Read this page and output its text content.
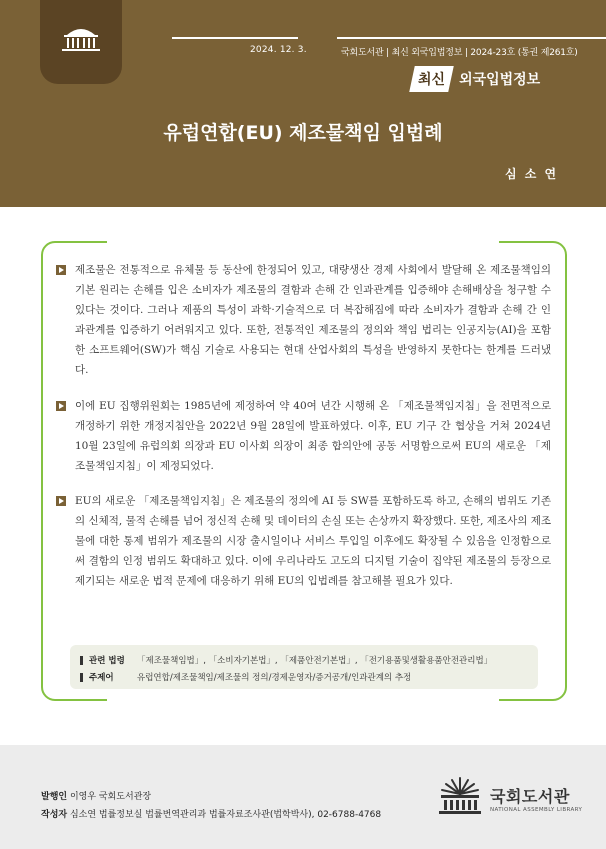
2024. 12. 3.	국회도서관 | 최신 외국입법정보 | 2024-23호 (통권 제261호)
최신	외국입법정보
유럽연합(EU) 제조물책임 입법례
심 소 연
제조물은 전통적으로 유체물 등 동산에 한정되어 있고, 대량생산 경제 사회에서 발달해 온 제조물책임의 기본 원리는 손해를 입은 소비자가 제조물의 결함과 손해 간 인과관계를 입증해야 손해배상을 청구할 수 있다는 것이다. 그러나 제품의 특성이 과학·기술적으로 더 복잡해짐에 따라 소비자가 결함과 손해 간 인과관계를 입증하기 어려워지고 있다. 또한, 전통적인 제조물의 정의와 책임 법리는 인공지능(AI)을 포함한 소프트웨어(SW)가 핵심 기술로 사용되는 현대 산업사회의 특성을 반영하지 못한다는 한계를 드러냈다.
이에 EU 집행위원회는 1985년에 제정하여 약 40여 년간 시행해 온 「제조물책임지침」을 전면적으로 개정하기 위한 개정지침안을 2022년 9월 28일에 발표하였다. 이후, EU 기구 간 협상을 거쳐 2024년 10월 23일에 유럽의회 의장과 EU 이사회 의장이 최종 합의안에 공동 서명함으로써 EU의 새로운 「제조물책임지침」이 제정되었다.
EU의 새로운 「제조물책임지침」은 제조물의 정의에 AI 등 SW를 포함하도록 하고, 손해의 범위도 기존의 신체적, 물적 손해를 넘어 정신적 손해 및 데이터의 손실 또는 손상까지 확장했다. 또한, 제조사의 제조물에 대한 통제 범위가 제조물의 시장 출시일이나 서비스 투입일 이후에도 확장될 수 있음을 인정함으로써 결함의 인정 범위도 확대하고 있다. 이에 우리나라도 고도의 디지털 기술이 집약된 제조물의 등장으로 제기되는 새로운 법적 문제에 대응하기 위해 EU의 입법례를 참고해볼 필요가 있다.
관련 법령	「제조물책임법」, 「소비자기본법」, 「제품안전기본법」, 「전기용품및생활용품안전관리법」
주제어	유럽연합/제조물책임/제조물의 정의/경제운영자/증거공개/인과관계의 추정
발행인 이영우 국회도서관장
작성자 심소연 법률정보실 법률번역관리과 법률자료조사관(법학박사), 02-6788-4768
국회도서관
NATIONAL ASSEMBLY LIBRARY
